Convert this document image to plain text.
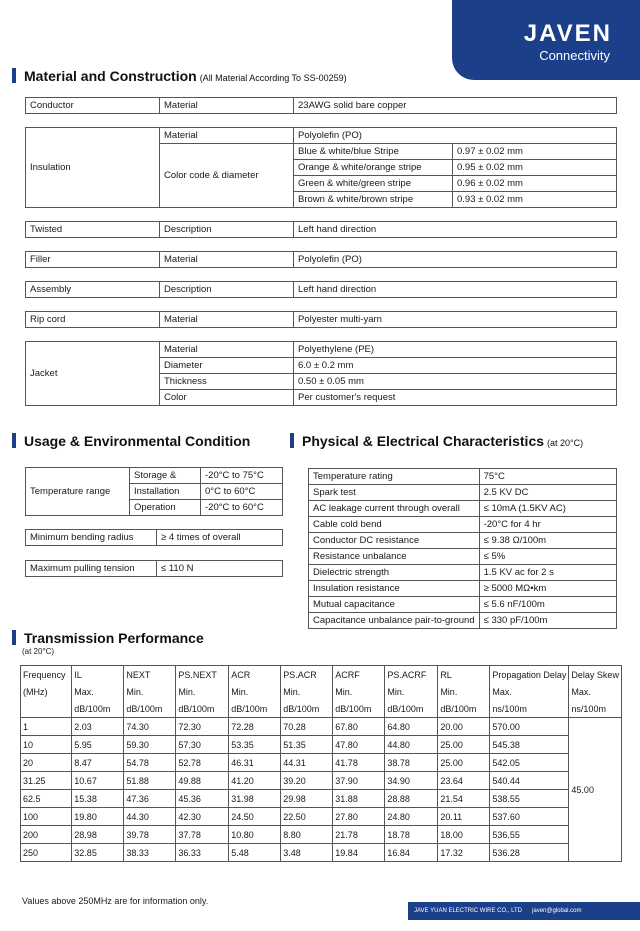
JAVEN
Connectivity
Material and Construction (All Material According To SS-00259)
Conductor	Material	23AWG solid bare copper
Insulation	Material	Polyolefin (PO)	
	Color code & diameter	Blue & white/blue Stripe	0.97 ± 0.02 mm
		Orange & white/orange stripe	0.95 ± 0.02 mm
		Green & white/green stripe	0.96 ± 0.02 mm
		Brown & white/brown stripe	0.93 ± 0.02 mm
Twisted	Description	Left hand direction
Filler	Material	Polyolefin (PO)
Assembly	Description	Left hand direction
Rip cord	Material	Polyester multi-yarn
Jacket	Material	Polyethylene (PE)
	Diameter	6.0 ± 0.2 mm
	Thickness	0.50 ± 0.05 mm
	Color	Per customer's request
Usage & Environmental Condition
Temperature range	Storage &	-20°C to 75°C
	Installation	0°C to 60°C
	Operation	-20°C to 60°C
Minimum bending radius	≥ 4 times of overall
Maximum pulling tension	≤ 110 N
Physical & Electrical Characteristics (at 20°C)
Temperature rating	75°C
Spark test	2.5 KV DC
AC leakage current through overall	≤ 10mA (1.5KV AC)
Cable cold bend	-20°C for 4 hr
Conductor DC resistance	≤ 9.38 Ω/100m
Resistance unbalance	≤ 5%
Dielectric strength	1.5 KV ac for 2 s
Insulation resistance	≥ 5000 MΩ•km
Mutual capacitance	≤ 5.6 nF/100m
Capacitance unbalance pair-to-ground	≤ 330 pF/100m
Transmission Performance
(at 20°C)
Frequency	IL	NEXT	PS.NEXT	ACR	PS.ACR	ACRF	PS.ACRF	RL	Propagation Delay	Delay Skew
(MHz)	Max.	Min.	Min.	Min.	Min.	Min.	Min.	Min.	Max.	Max.
	dB/100m	dB/100m	dB/100m	dB/100m	dB/100m	dB/100m	dB/100m	dB/100m	ns/100m	ns/100m
1	2.03	74.30	72.30	72.28	70.28	67.80	64.80	20.00	570.00	45.00
10	5.95	59.30	57.30	53.35	51.35	47.80	44.80	25.00	545.38	
20	8.47	54.78	52.78	46.31	44.31	41.78	38.78	25.00	542.05	
31.25	10.67	51.88	49.88	41.20	39.20	37.90	34.90	23.64	540.44	
62.5	15.38	47.36	45.36	31.98	29.98	31.88	28.88	21.54	538.55	
100	19.80	44.30	42.30	24.50	22.50	27.80	24.80	20.11	537.60	
200	28.98	39.78	37.78	10.80	8.80	21.78	18.78	18.00	536.55	
250	32.85	38.33	36.33	5.48	3.48	19.84	16.84	17.32	536.28	
Values above 250MHz are for information only.
JAVE YUAN ELECTRIC WIRE CO., LTD javen@global.com
